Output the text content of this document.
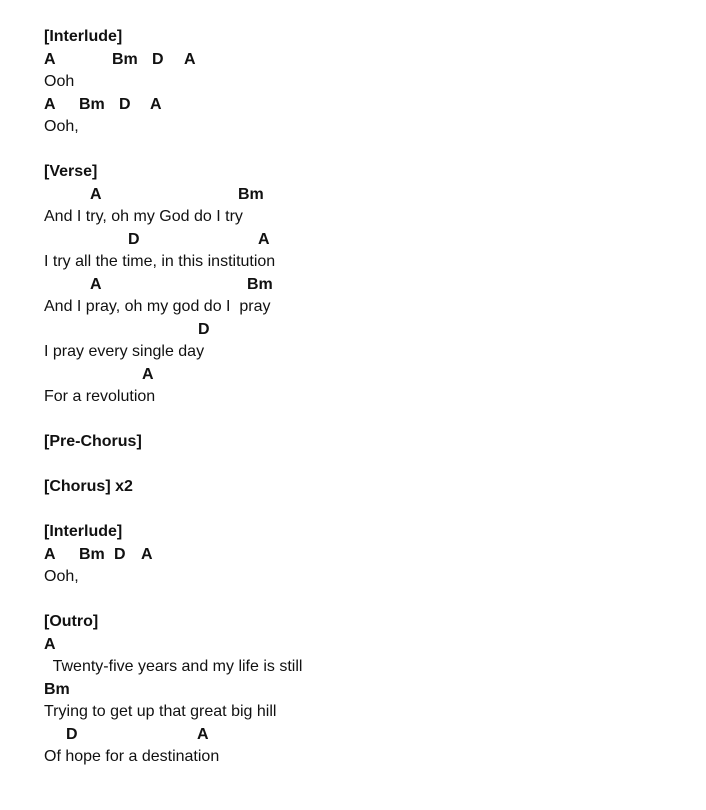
[Interlude]
A	Bm D A
Ooh
A Bm D A
Ooh,
[Verse]
A	Bm
And I try, oh my God do I try
D	A
I try all the time, in this institution
A	Bm
And I pray, oh my god do I  pray
D
I pray every single day
A
For a revolution
[Pre-Chorus]
[Chorus] x2
[Interlude]
A Bm D A
Ooh,
[Outro]
A
Twenty-five years and my life is still
Bm
Trying to get up that great big hill
D	A
Of hope for a destination
